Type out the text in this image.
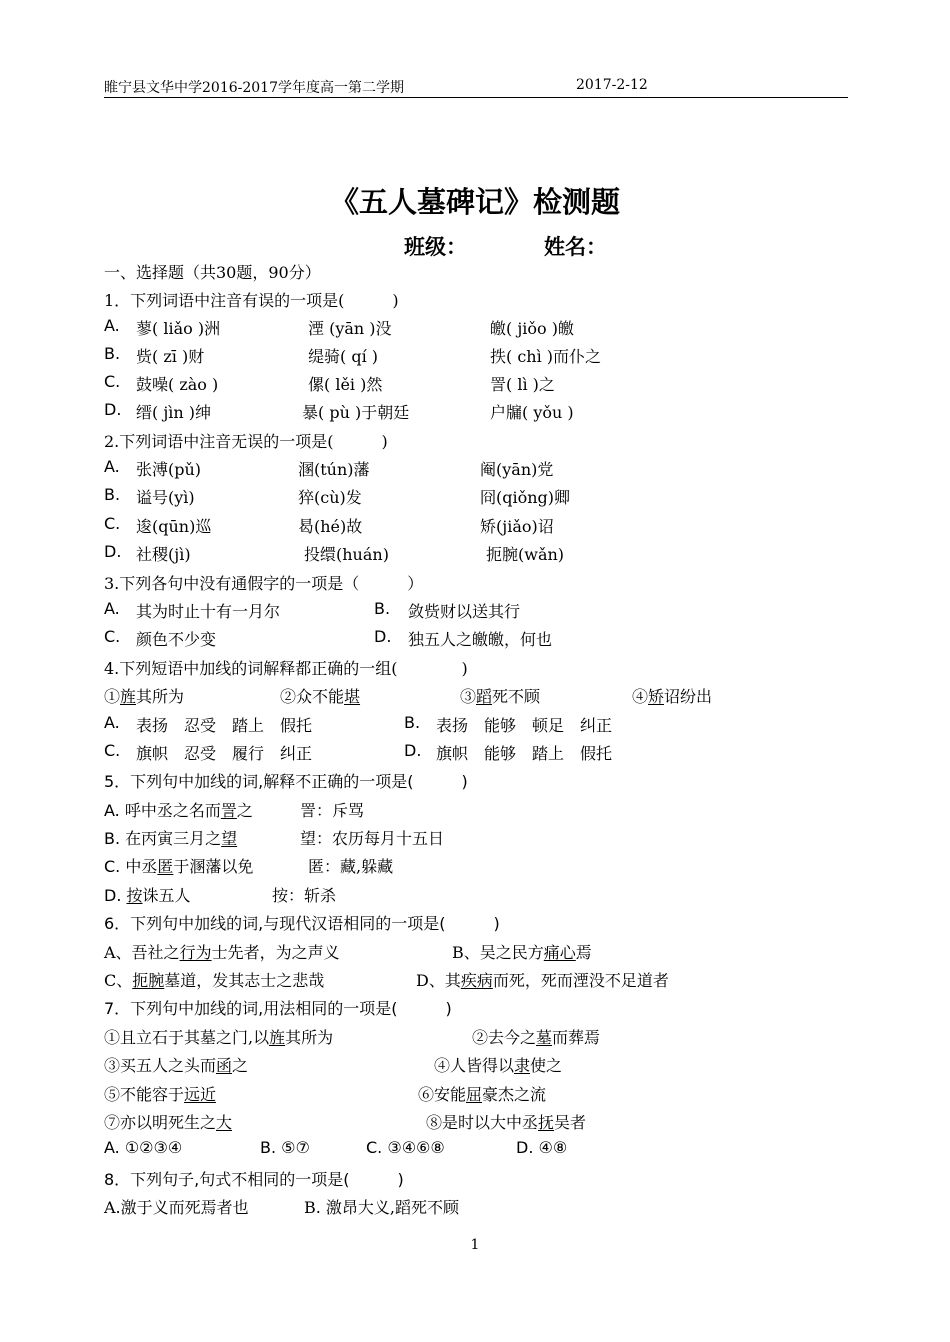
睢宁县文华中学2016-2017学年度高一第二学期	2017-2-12
《五人墓碑记》检测题
班级：	姓名：
一、选择题（共30题，90分）
1．下列词语中注音有误的一项是(　　　)
A. 蓼( liǎo )洲	湮 (yān )没	皦( jiǒo )皦
B. 赀( zī )财	缇骑( qí )	抶( chì )而仆之
C. 鼓噪( zào )	傫( lěi )然	詈( lì )之
D. 缙( jìn )绅	暴( pù )于朝廷	户牖( yǒu )
2.下列词语中注音无误的一项是(　　　)
A. 张溥(pǔ)	溷(tún)藩	阉(yān)党
B. 谥号(yì)	猝(cù)发	冏(qiǒng)卿
C. 逡(qūn)巡	曷(hé)故	矫(jiǎo)诏
D. 社稷(jì)	投缳(huán)	扼腕(wǎn)
3.下列各句中没有通假字的一项是（　　　）
A. 其为时止十有一月尔	B. 敛赀财以送其行
C. 颜色不少变	D. 独五人之皦皦，何也
4.下列短语中加线的词解释都正确的一组(　　　　)
①旌其所为	②众不能堪	③蹈死不顾	④矫诏纷出
A. 表扬　忍受　踏上　假托	B. 表扬　能够　顿足　纠正
C. 旗帜　忍受　履行　纠正	D. 旗帜　能够　踏上　假托
5．下列句中加线的词,解释不正确的一项是(　　　)
A. 呼中丞之名而詈之	詈：斥骂
B. 在丙寅三月之望	望：农历每月十五日
C. 中丞匿于溷藩以免	匿：藏,躲藏
D. 按诛五人	按：斩杀
6．下列句中加线的词,与现代汉语相同的一项是(　　　)
A、吾社之行为士先者，为之声义	B、吴之民方痛心焉
C、扼腕墓道，发其志士之悲哉	D、其疾病而死，死而湮没不足道者
7．下列句中加线的词,用法相同的一项是(　　　)
①且立石于其墓之门,以旌其所为	②去今之墓而葬焉
③买五人之头而函之	④人皆得以隶使之
⑤不能容于远近	⑥安能屈豪杰之流
⑦亦以明死生之大	⑧是时以大中丞抚吴者
A. ①②③④	B. ⑤⑦	C. ③④⑥⑧	D. ④⑧
8．下列句子,句式不相同的一项是(　　　)
A.激于义而死焉者也	B. 激昂大义,蹈死不顾
1
